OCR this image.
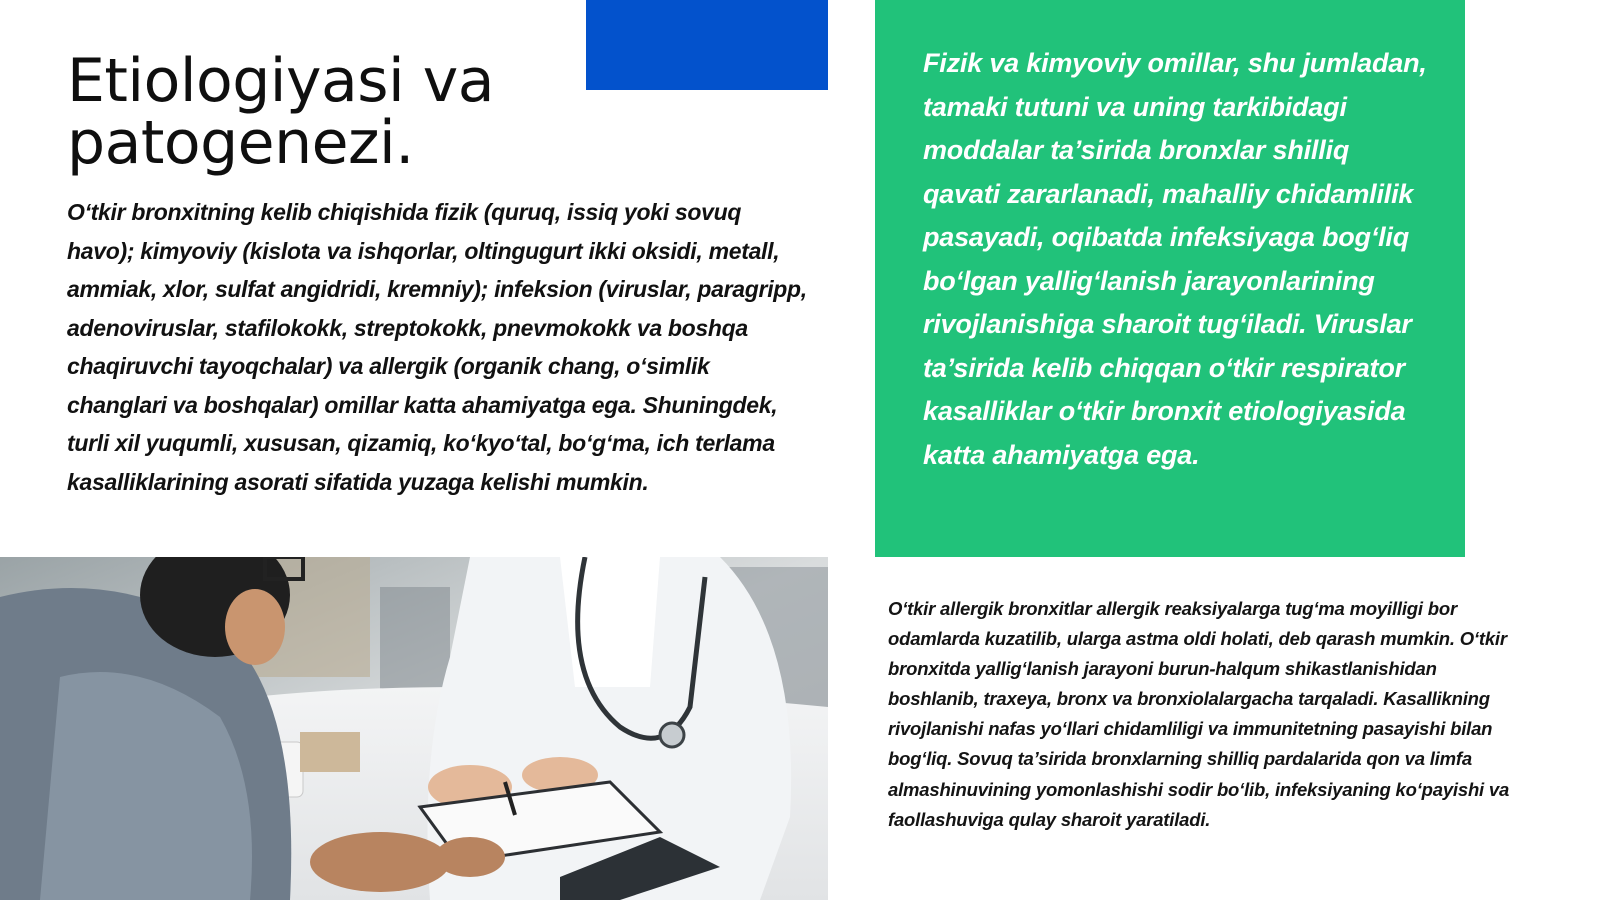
Etiologiyasi va patogenezi.

O‘tkir bronxitning kelib chiqishida fizik (quruq, issiq yoki sovuq havo); kimyoviy (kislota va ishqorlar, oltingugurt ikki oksidi, metall, ammiak, xlor, sulfat angidridi, kremniy); infeksion (viruslar, paragripp, adenoviruslar, stafilokokk, streptokokk, pnevmokokk va boshqa chaqiruvchi tayoqchalar) va allergik (organik chang, o‘simlik changlari va boshqalar) omillar katta ahamiyatga ega. Shuningdek, turli xil yuqumli, xususan, qizamiq, ko‘kyo‘tal, bo‘g‘ma, ich terlama kasalliklarining asorati sifatida yuzaga kelishi mumkin.

Fizik va kimyoviy omillar, shu jumladan, tamaki tutuni va uning tarkibidagi moddalar ta’sirida bronxlar shilliq qavati zararlanadi, mahalliy chidamlilik pasayadi, oqibatda infeksiyaga bog‘liq bo‘lgan yallig‘lanish jarayonlarining rivojlanishiga sharoit tug‘iladi. Viruslar ta’sirida kelib chiqqan o‘tkir respirator kasalliklar o‘tkir bronxit etiologiyasida katta ahamiyatga ega.

O‘tkir allergik bronxitlar allergik reaksiyalarga tug‘ma moyilligi bor odamlarda kuzatilib, ularga astma oldi holati, deb qarash mumkin. O‘tkir bronxitda yallig‘lanish jarayoni burun-halqum shikastlanishidan boshlanib, traxeya, bronx va bronxiolalargacha tarqaladi. Kasallikning rivojlanishi nafas yo‘llari chidamliligi va immunitetning pasayishi bilan bog‘liq. Sovuq ta’sirida bronxlarning shilliq pardalarida qon va limfa almashinuvining yomonlashishi sodir bo‘lib, infeksiyaning ko‘payishi va faollashuviga qulay sharoit yaratiladi.
